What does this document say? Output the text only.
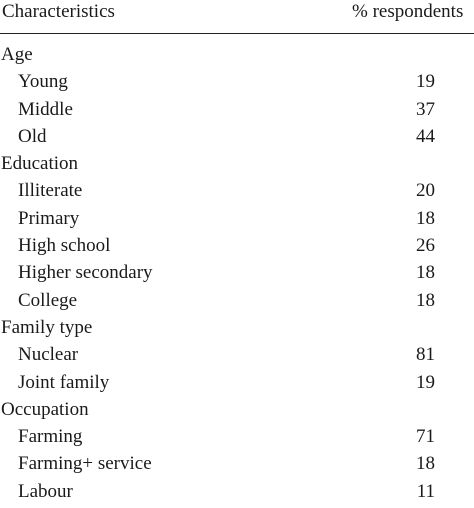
Characteristics	% respondents
Age
Young	19
Middle	37
Old	44
Education
Illiterate	20
Primary	18
High school	26
Higher secondary	18
College	18
Family type
Nuclear	81
Joint family	19
Occupation
Farming	71
Farming+ service	18
Labour	11
